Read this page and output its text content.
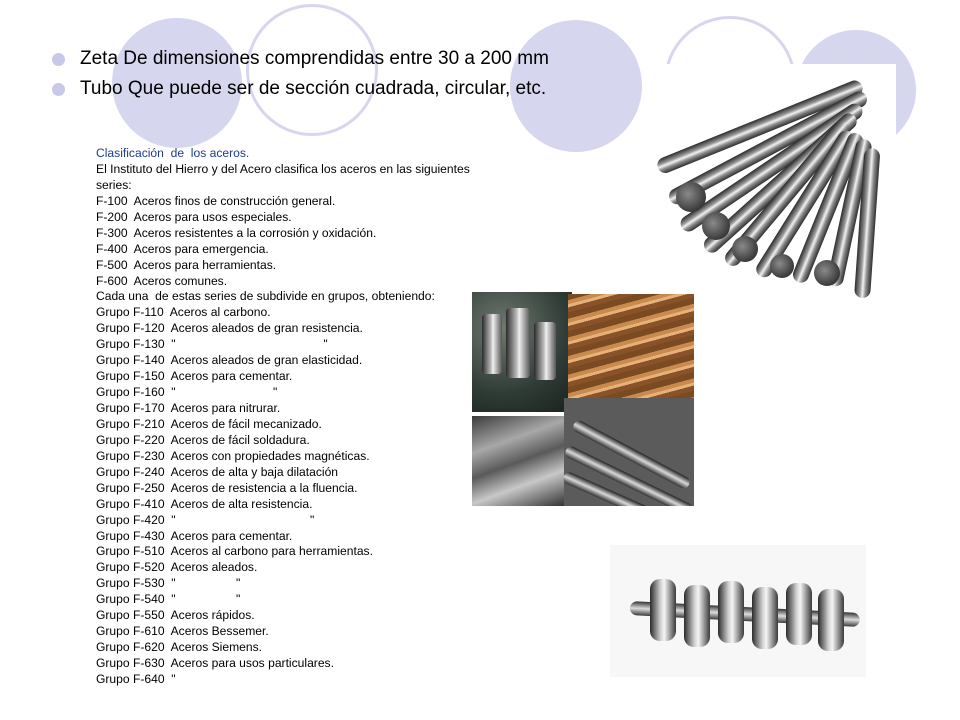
Zeta De dimensiones comprendidas entre 30 a 200 mm
Tubo Que puede ser de sección cuadrada, circular, etc.
Clasificación  de  los aceros.
El Instituto del Hierro y del Acero clasifica los aceros en las siguientes
series:
F-100  Aceros finos de construcción general.
F-200  Aceros para usos especiales.
F-300  Aceros resistentes a la corrosión y oxidación.
F-400  Aceros para emergencia.
F-500  Aceros para herramientas.
F-600  Aceros comunes.
Cada una  de estas series de subdivide en grupos, obteniendo:
Grupo F-110  Aceros al carbono.
Grupo F-120  Aceros aleados de gran resistencia.
Grupo F-130  "                                            "
Grupo F-140  Aceros aleados de gran elasticidad.
Grupo F-150  Aceros para cementar.
Grupo F-160  "                             "
Grupo F-170  Aceros para nitrurar.
Grupo F-210  Aceros de fácil mecanizado.
Grupo F-220  Aceros de fácil soldadura.
Grupo F-230  Aceros con propiedades magnéticas.
Grupo F-240  Aceros de alta y baja dilatación
Grupo F-250  Aceros de resistencia a la fluencia.
Grupo F-410  Aceros de alta resistencia.
Grupo F-420  "                                        "
Grupo F-430  Aceros para cementar.
Grupo F-510  Aceros al carbono para herramientas.
Grupo F-520  Aceros aleados.
Grupo F-530  "                  "
Grupo F-540  "                  "
Grupo F-550  Aceros rápidos.
Grupo F-610  Aceros Bessemer.
Grupo F-620  Aceros Siemens.
Grupo F-630  Aceros para usos particulares.
Grupo F-640  "
